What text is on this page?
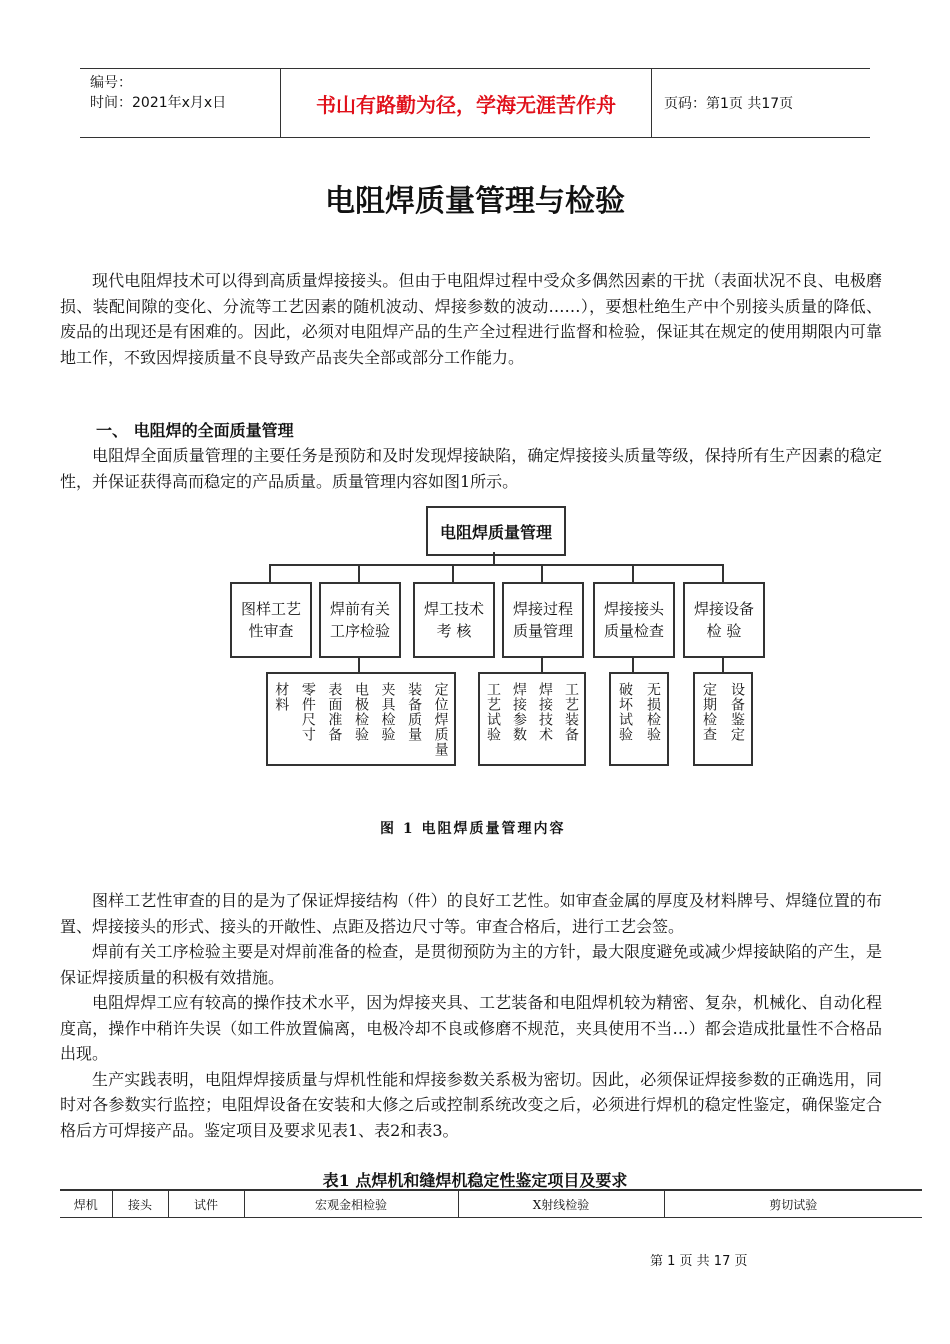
编号：
时间：2021年x月x日	书山有路勤为径，学海无涯苦作舟	页码：第1页 共17页
电阻焊质量管理与检验

现代电阻焊技术可以得到高质量焊接接头。但由于电阻焊过程中受众多偶然因素的干扰（表面状况不良、电极磨损、装配间隙的变化、分流等工艺因素的随机波动、焊接参数的波动……），要想杜绝生产中个别接头质量的降低、废品的出现还是有困难的。因此，必须对电阻焊产品的生产全过程进行监督和检验，保证其在规定的使用期限内可靠地工作，不致因焊接质量不良导致产品丧失全部或部分工作能力。

一、 电阻焊的全面质量管理

电阻焊全面质量管理的主要任务是预防和及时发现焊接缺陷，确定焊接接头质量等级，保持所有生产因素的稳定性，并保证获得高而稳定的产品质量。质量管理内容如图1所示。

电阻焊质量管理
图样工艺
性审查
焊前有关
工序检验
焊工技术
考 核
焊接过程
质量管理
焊接接头
质量检查
焊接设备
检 验
材料 零件尺寸 表面准备 电极检验 夹具检验 装备质量 定位焊质量	工艺试验 焊接参数 焊接技术 工艺装备	破坏试验 无损检验	定期检查 设备鉴定
图 1 电阻焊质量管理内容

图样工艺性审查的目的是为了保证焊接结构（件）的良好工艺性。如审查金属的厚度及材料牌号、焊缝位置的布置、焊接接头的形式、接头的开敞性、点距及搭边尺寸等。审查合格后，进行工艺会签。

焊前有关工序检验主要是对焊前准备的检查，是贯彻预防为主的方针，最大限度避免或减少焊接缺陷的产生，是保证焊接质量的积极有效措施。

电阻焊焊工应有较高的操作技术水平，因为焊接夹具、工艺装备和电阻焊机较为精密、复杂，机械化、自动化程度高，操作中稍许失误（如工件放置偏离，电极冷却不良或修磨不规范，夹具使用不当…）都会造成批量性不合格品出现。

生产实践表明，电阻焊焊接质量与焊机性能和焊接参数关系极为密切。因此，必须保证焊接参数的正确选用，同时对各参数实行监控；电阻焊设备在安装和大修之后或控制系统改变之后，必须进行焊机的稳定性鉴定，确保鉴定合格后方可焊接产品。鉴定项目及要求见表1、表2和表3。

表1 点焊机和缝焊机稳定性鉴定项目及要求
焊机	接头	试件	宏观金相检验	X射线检验	剪切试验
第 1 页 共 17 页
